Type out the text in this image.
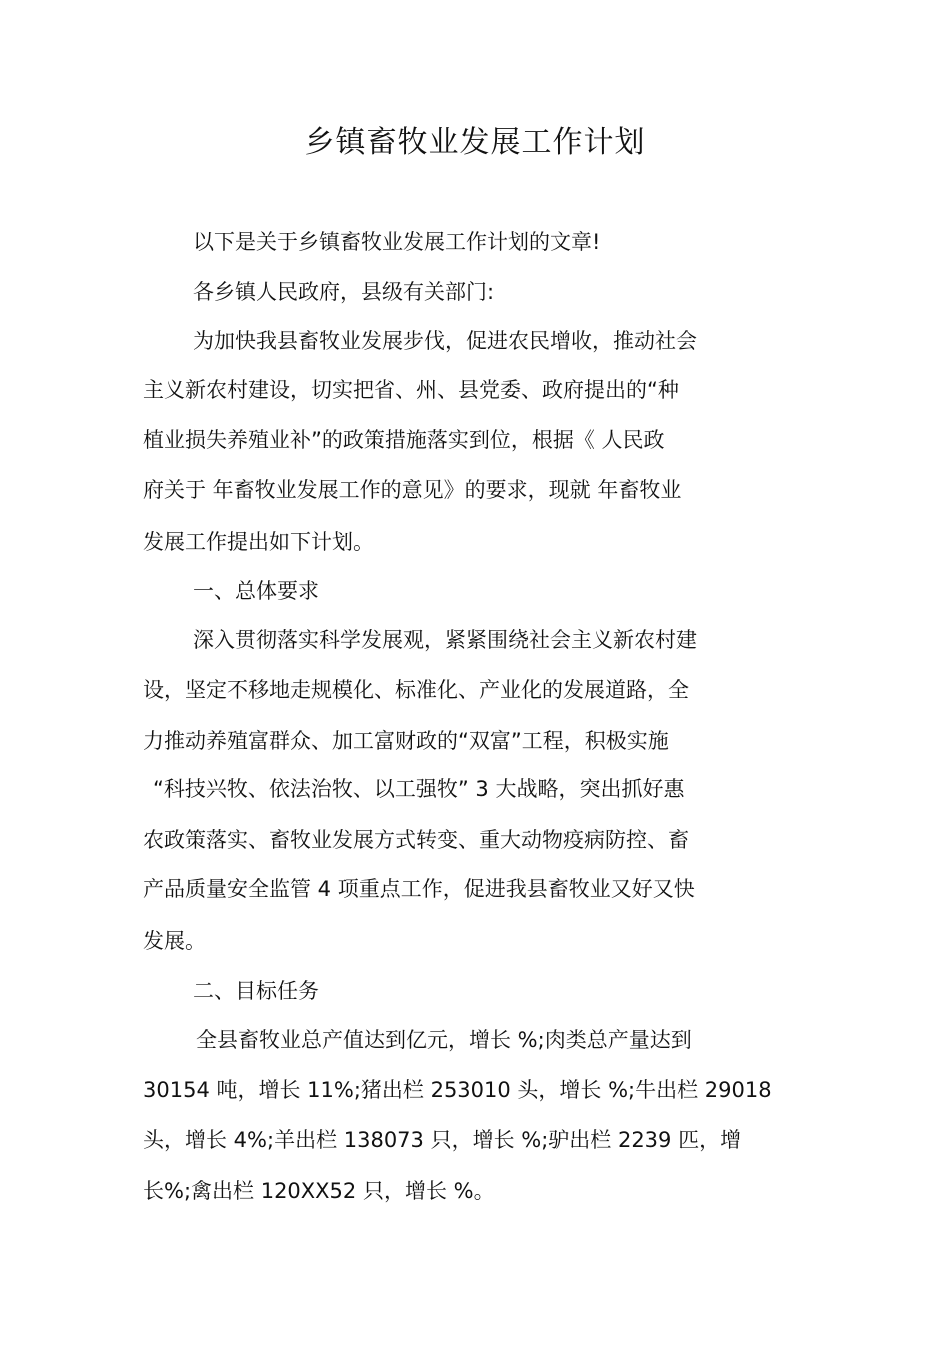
乡镇畜牧业发展工作计划
以下是关于乡镇畜牧业发展工作计划的文章!
各乡镇人民政府，县级有关部门:
为加快我县畜牧业发展步伐，促进农民增收，推动社会
主义新农村建设，切实把省、州、县党委、政府提出的“种
植业损失养殖业补”的政策措施落实到位，根据《 人民政
府关于 年畜牧业发展工作的意见》的要求，现就 年畜牧业
发展工作提出如下计划。
一、总体要求
深入贯彻落实科学发展观，紧紧围绕社会主义新农村建
设，坚定不移地走规模化、标准化、产业化的发展道路，全
力推动养殖富群众、加工富财政的“双富”工程，积极实施
“科技兴牧、依法治牧、以工强牧” 3 大战略，突出抓好惠
农政策落实、畜牧业发展方式转变、重大动物疫病防控、畜
产品质量安全监管 4 项重点工作，促进我县畜牧业又好又快
发展。
二、目标任务
全县畜牧业总产值达到亿元，增长 %;肉类总产量达到
30154 吨，增长 11%;猪出栏 253010 头，增长 %;牛出栏 29018
头，增长 4%;羊出栏 138073 只，增长 %;驴出栏 2239 匹，增
长%;禽出栏 120XX52 只，增长 %。
